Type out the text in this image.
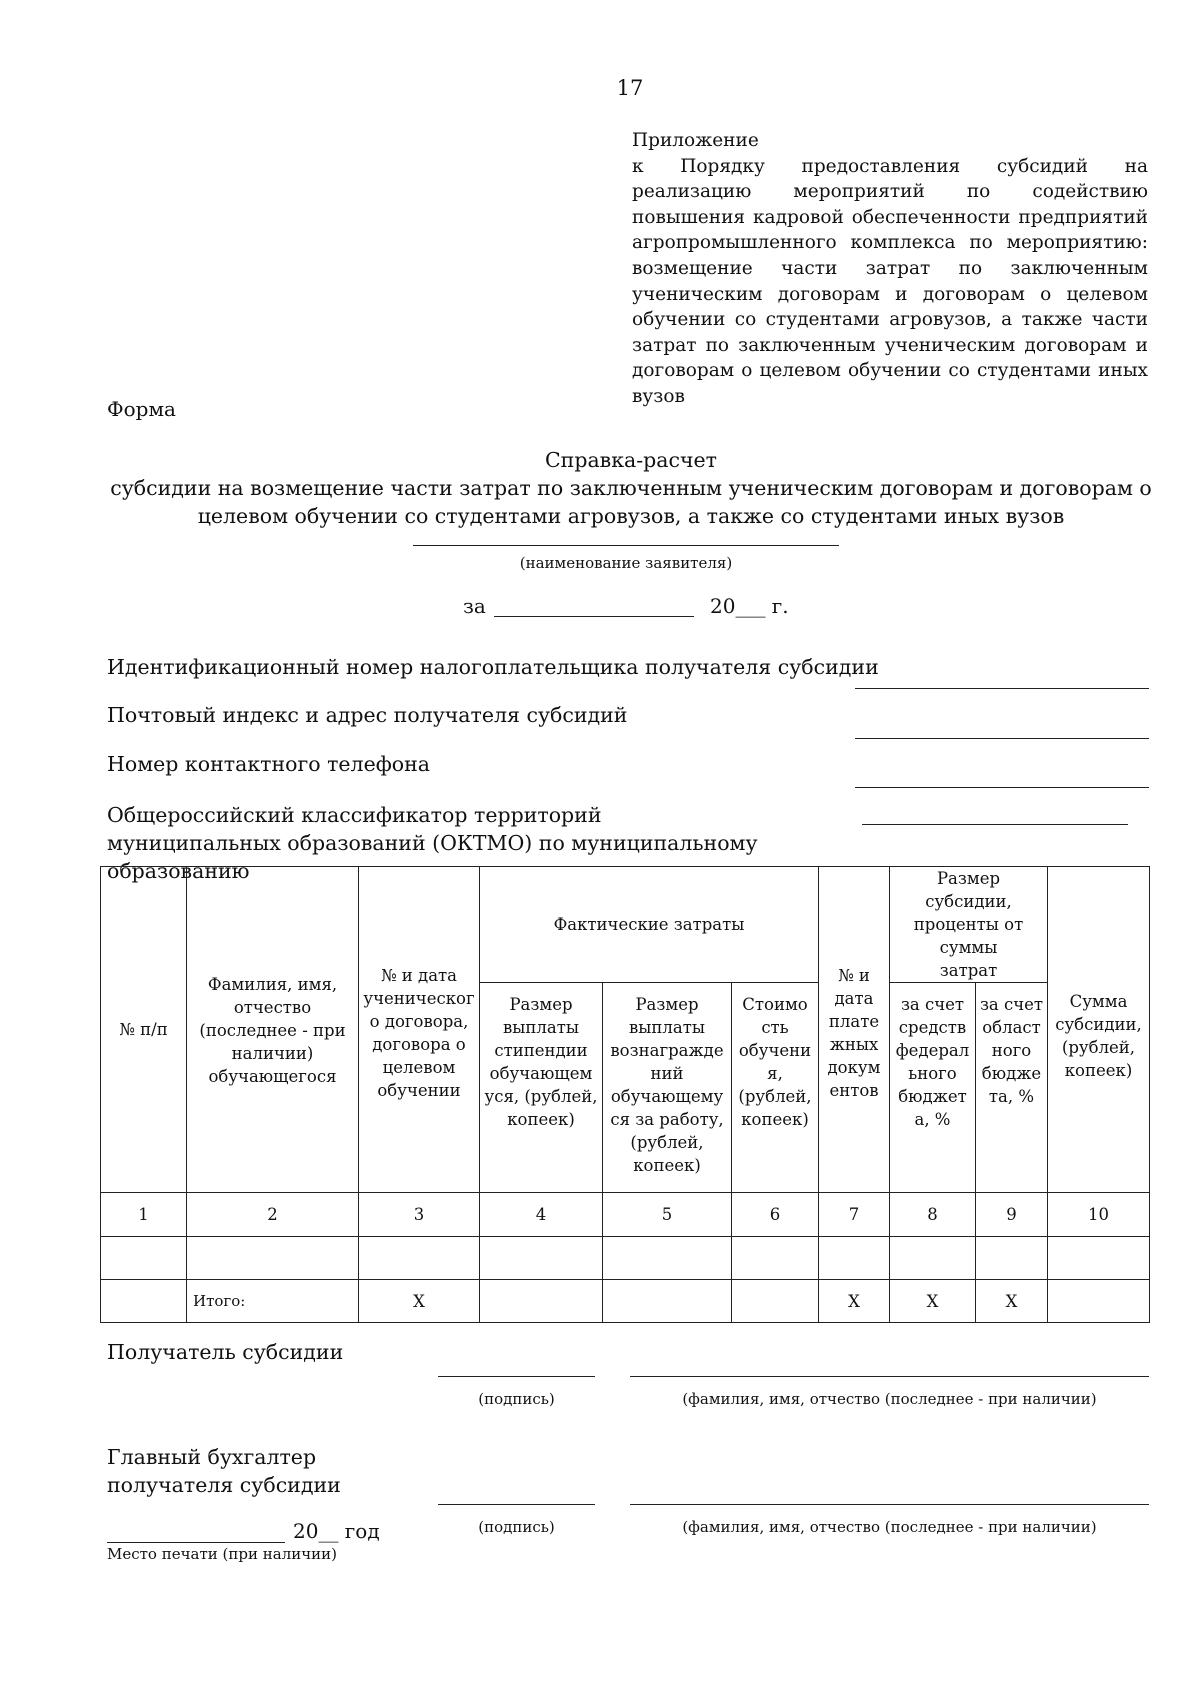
17
Приложение
к Порядку предоставления субсидий на реализацию мероприятий по содействию повышения кадровой обеспеченности предприятий агропромышленного комплекса по мероприятию: возмещение части затрат по заключенным ученическим договорам и договорам о целевом обучении со студентами агровузов, а также части затрат по заключенным ученическим договорам и договорам о целевом обучении со студентами иных вузов
Форма
Справка-расчет
субсидии на возмещение части затрат по заключенным ученическим договорам и договорам о целевом обучении со студентами агровузов, а также со студентами иных вузов
(наименование заявителя)
за	20___ г.
Идентификационный номер налогоплательщика получателя субсидии
Почтовый индекс и адрес получателя субсидий
Номер контактного телефона
Общероссийский классификатор территорий муниципальных образований (ОКТМО) по муниципальному образованию
№ п/п	Фамилия, имя, отчество (последнее - при наличии) обучающегося	№ и дата ученическог о договора, договора о целевом обучении	Фактические затраты			№ и дата плате жных докум ентов	Размер субсидии, проценты от суммы затрат		Сумма субсидии, (рублей, копеек)
			Размер выплаты стипендии обучающем уся, (рублей, копеек)	Размер выплаты вознагражде ний обучающему ся за работу, (рублей, копеек)	Стоимо сть обучени я, (рублей, копеек)		за счет средств федерал ьного бюджет а, %	за счет област ного бюдже та, %	
1	2	3	4	5	6	7	8	9	10

	Итого:	X				X	X	X	
Получатель субсидии
(подпись)	(фамилия, имя, отчество (последнее - при наличии)
Главный бухгалтер получателя субсидии
(подпись)	(фамилия, имя, отчество (последнее - при наличии)
20__ год
Место печати (при наличии)
